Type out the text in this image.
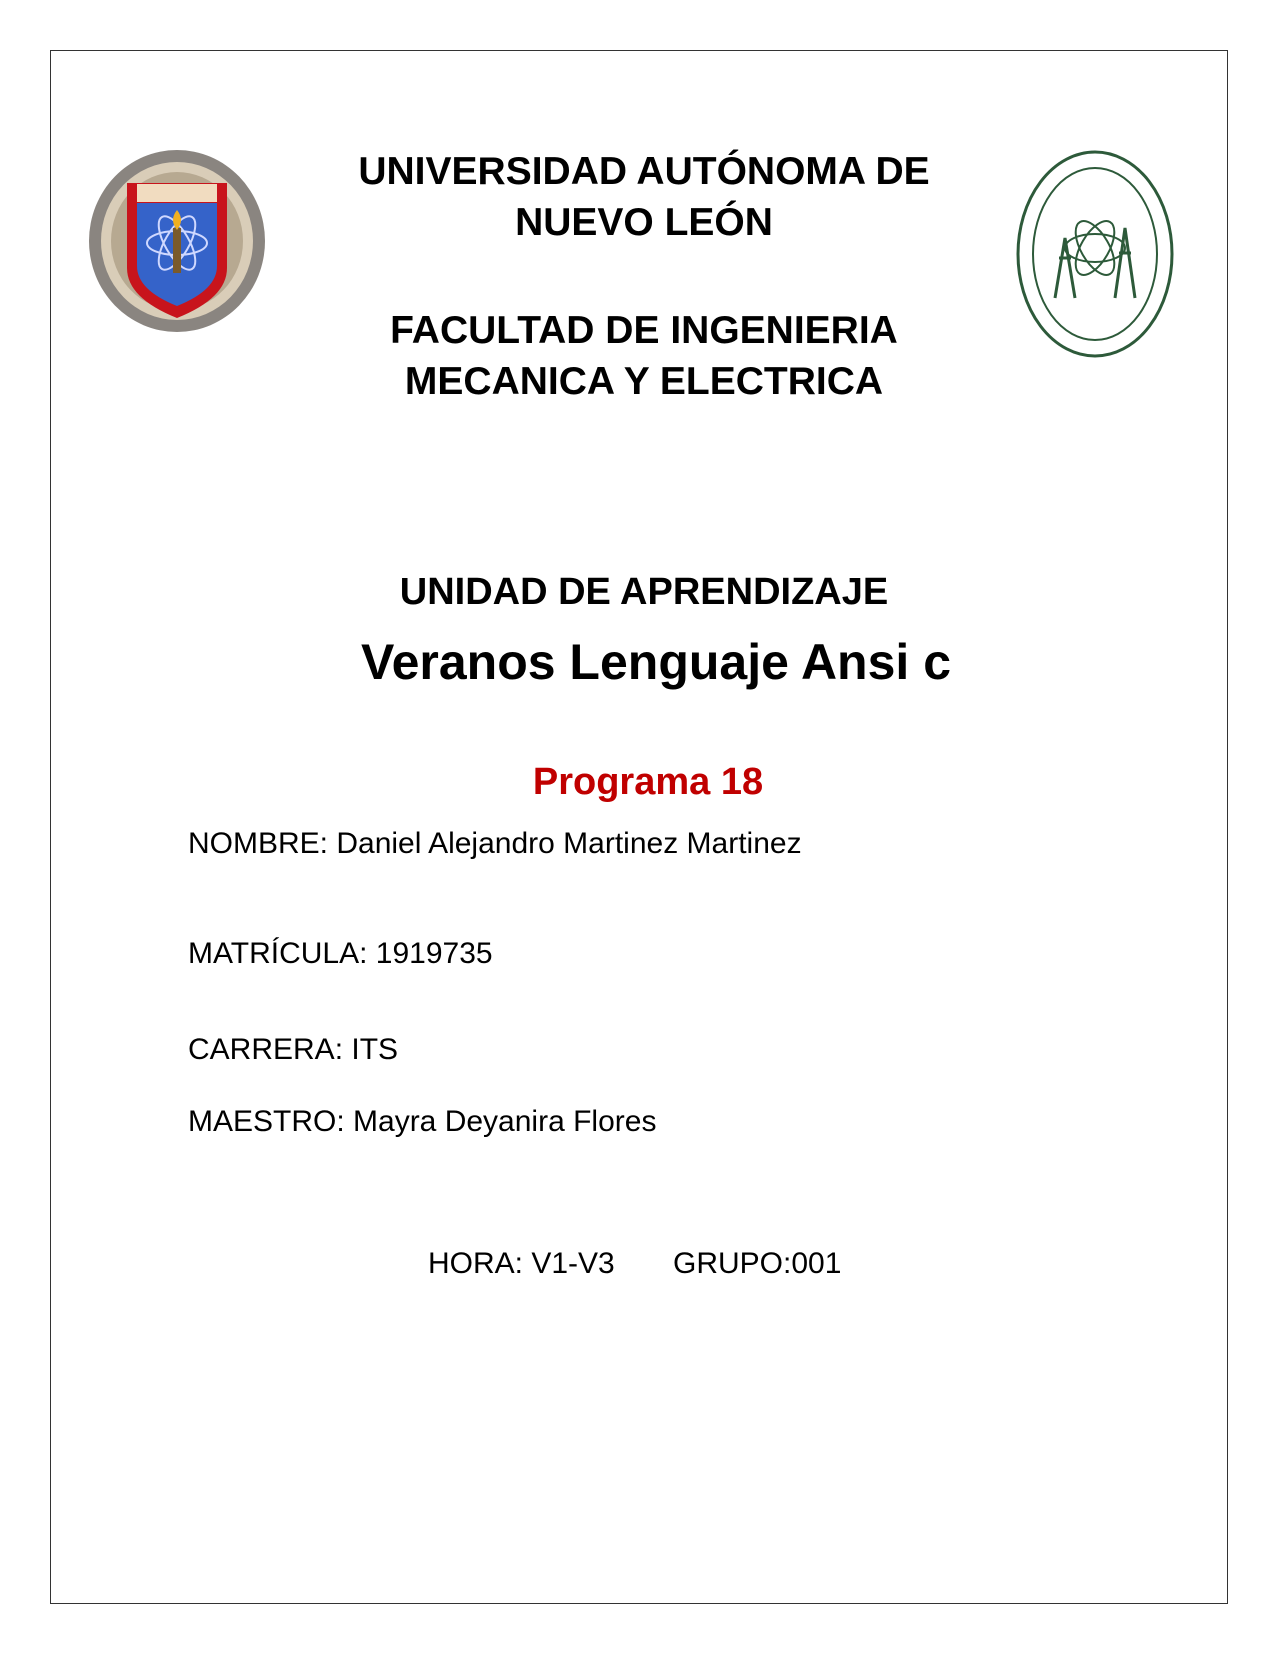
UNIVERSIDAD AUTÓNOMA DE
NUEVO LEÓN
FACULTAD DE INGENIERIA
MECANICA Y ELECTRICA
UNIDAD DE APRENDIZAJE
Veranos Lenguaje Ansi c
Programa 18
NOMBRE: Daniel Alejandro Martinez Martinez
MATRÍCULA: 1919735
CARRERA: ITS
MAESTRO: Mayra Deyanira Flores
HORA: V1-V3 GRUPO:001
